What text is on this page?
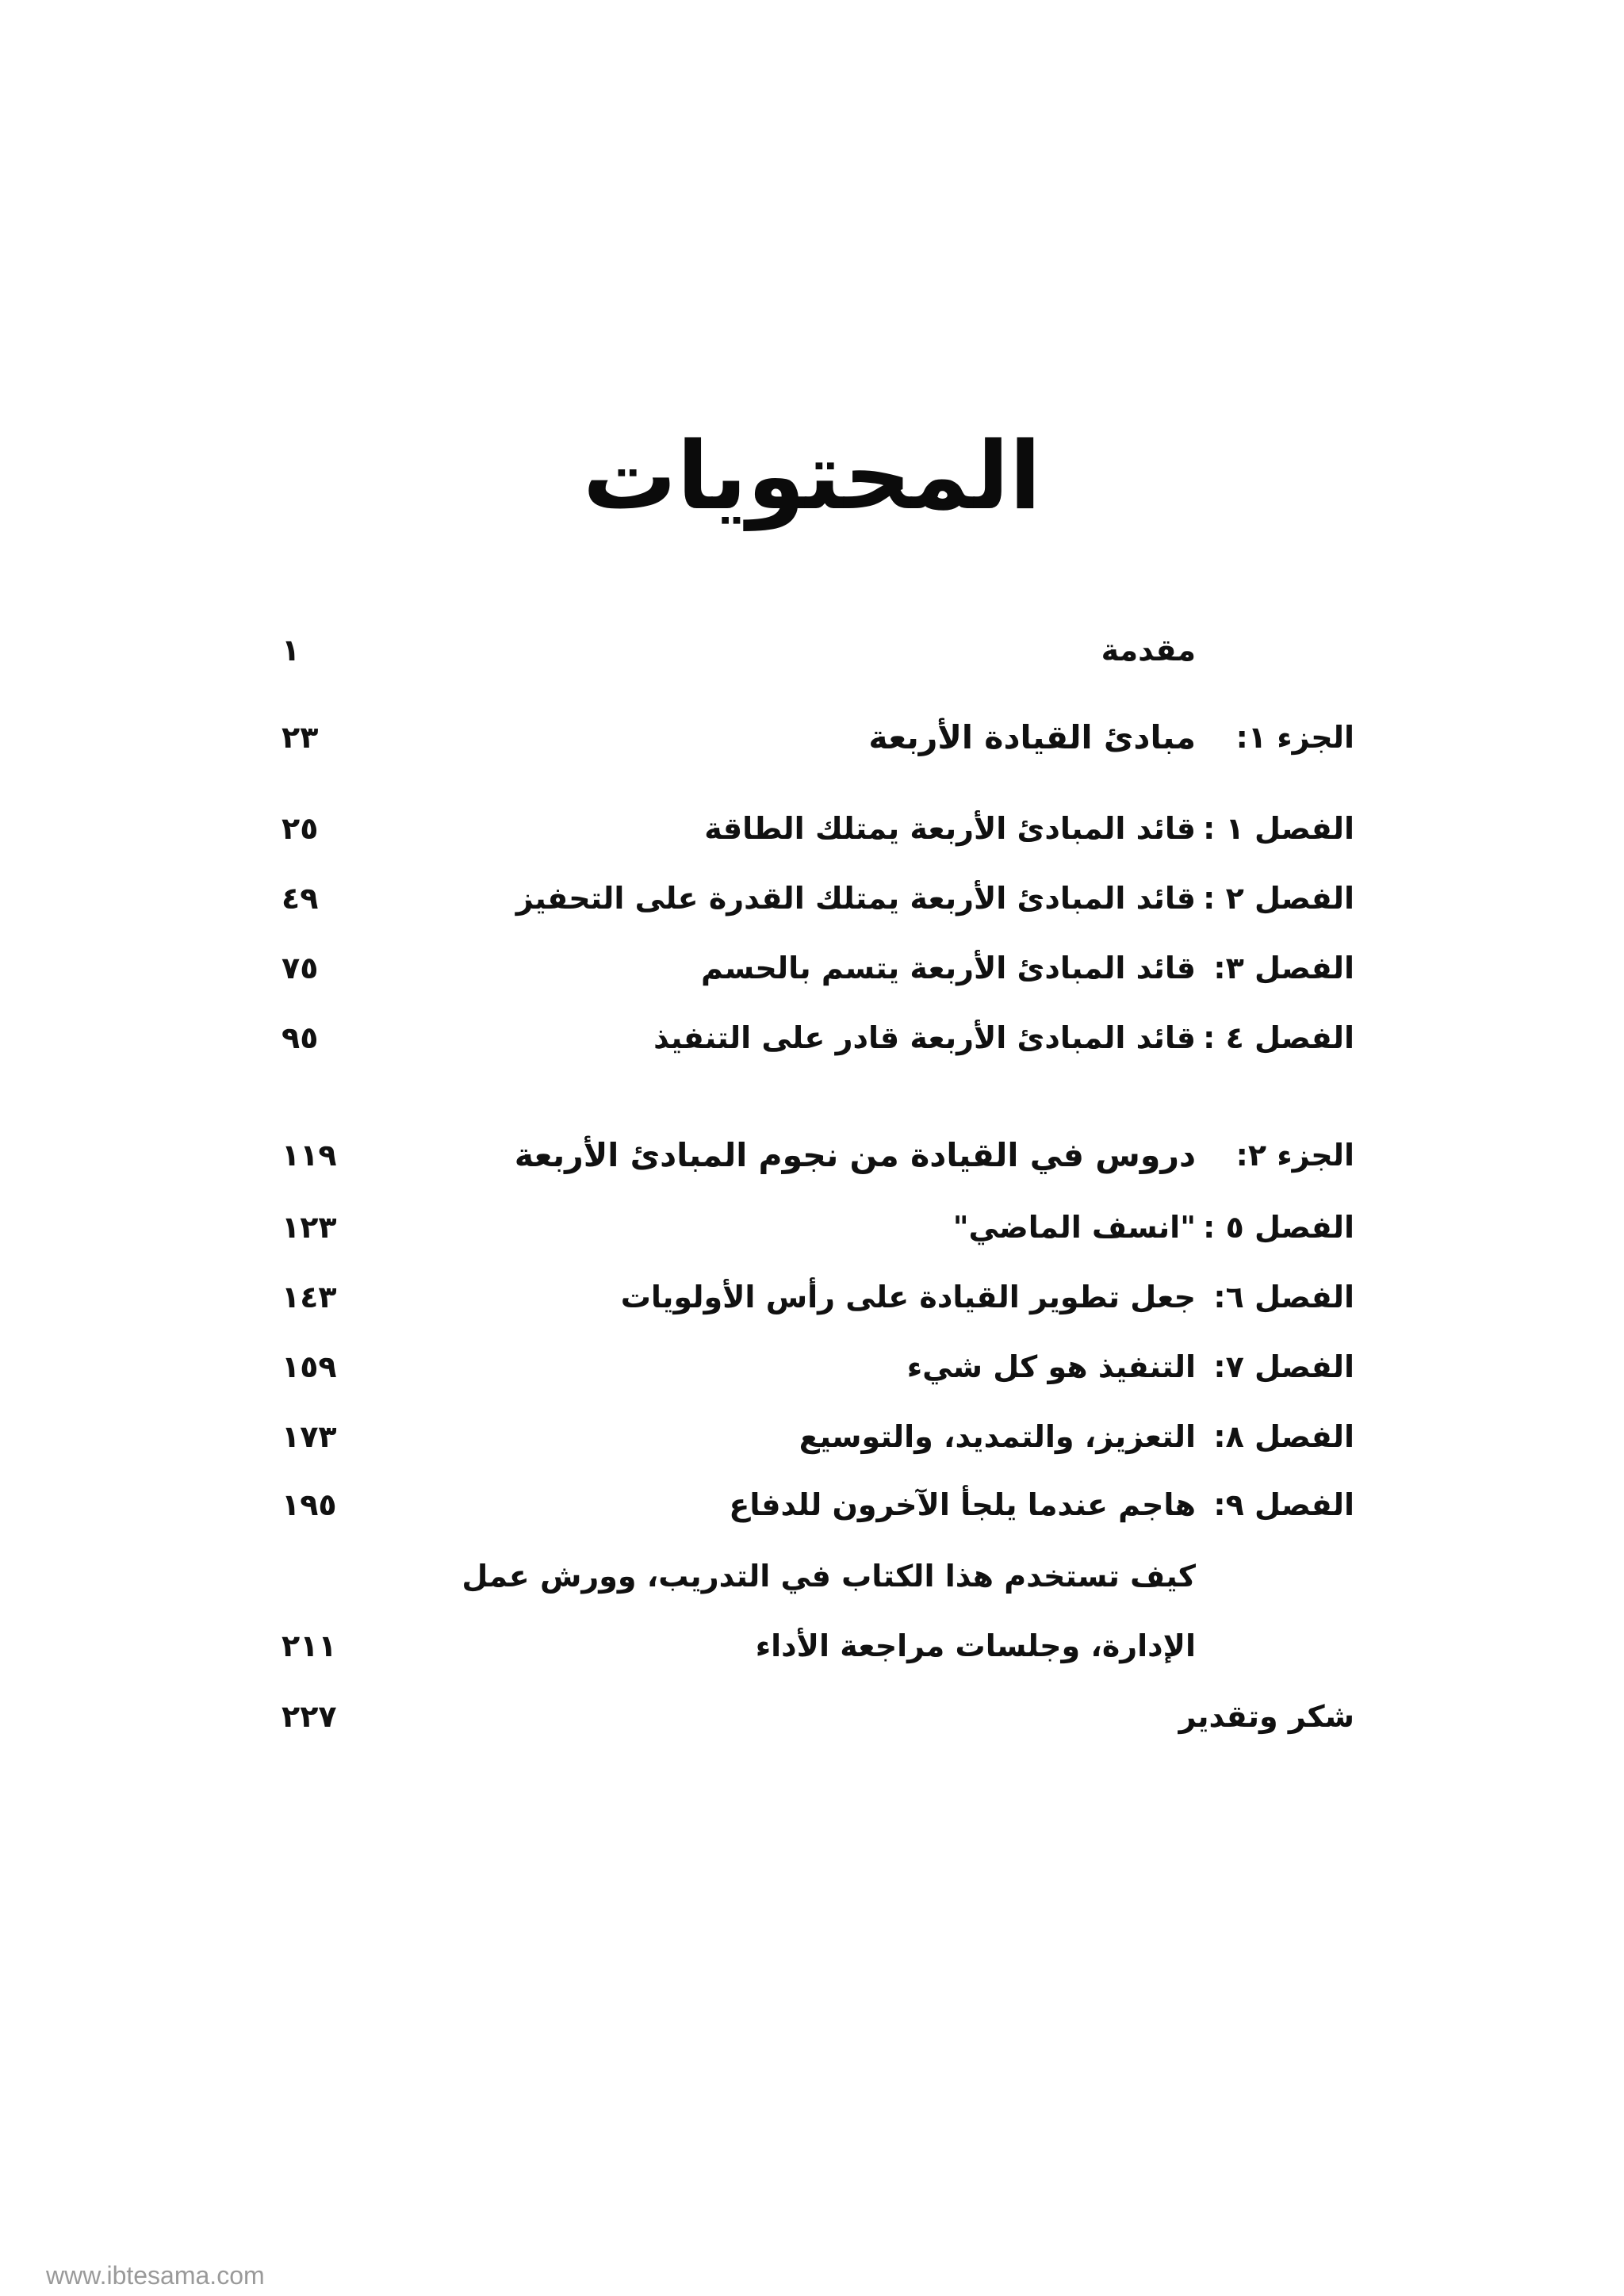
المحتويات
مقدمة
١
الجزء ١:
مبادئ القيادة الأربعة
٢٣
الفصل ١ :
قائد المبادئ الأربعة يمتلك الطاقة
٢٥
الفصل ٢ :
قائد المبادئ الأربعة يمتلك القدرة على التحفيز
٤٩
الفصل ٣:
قائد المبادئ الأربعة يتسم بالحسم
٧٥
الفصل ٤ :
قائد المبادئ الأربعة قادر على التنفيذ
٩٥
الجزء ٢:
دروس في القيادة من نجوم المبادئ الأربعة
١١٩
الفصل ٥ :
"انسف الماضي"
١٢٣
الفصل ٦:
جعل تطوير القيادة على رأس الأولويات
١٤٣
الفصل ٧:
التنفيذ هو كل شيء
١٥٩
الفصل ٨:
التعزيز، والتمديد، والتوسيع
١٧٣
الفصل ٩:
هاجم عندما يلجأ الآخرون للدفاع
١٩٥
كيف تستخدم هذا الكتاب في التدريب، وورش عمل
الإدارة، وجلسات مراجعة الأداء
٢١١
شكر وتقدير
٢٢٧
www.ibtesama.com
